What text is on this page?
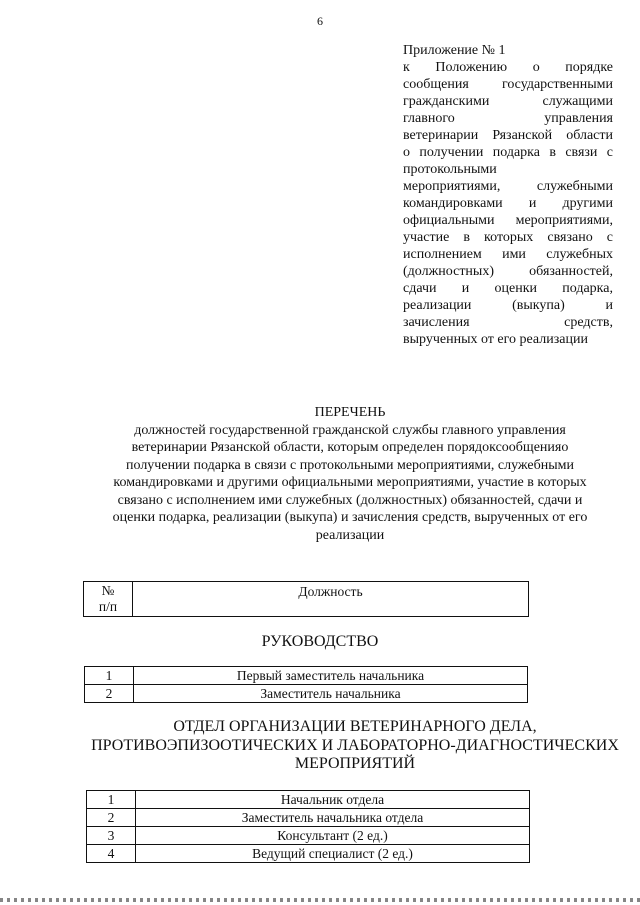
6
Приложение № 1
к Положению о порядке
сообщения государственными
гражданскими служащими
главного управления
ветеринарии Рязанской области
о получении подарка в связи с
протокольными
мероприятиями, служебными
командировками и другими
официальными мероприятиями,
участие в которых связано с
исполнением ими служебных
(должностных) обязанностей,
сдачи и оценки подарка,
реализации (выкупа) и
зачисления средств,
вырученных от его реализации
ПЕРЕЧЕНЬ
должностей государственной гражданской службы главного управления
ветеринарии Рязанской области, которым определен порядоксообщенияо
получении подарка в связи с протокольными мероприятиями, служебными
командировками и другими официальными мероприятиями, участие в которых
связано с исполнением ими служебных (должностных) обязанностей, сдачи и
оценки подарка, реализации (выкупа) и зачисления средств, вырученных от его
реализации
№
п/п	Должность
РУКОВОДСТВО
1	Первый заместитель начальника
2	Заместитель начальника
ОТДЕЛ ОРГАНИЗАЦИИ ВЕТЕРИНАРНОГО ДЕЛА,
ПРОТИВОЭПИЗООТИЧЕСКИХ И ЛАБОРАТОРНО-ДИАГНОСТИЧЕСКИХ
МЕРОПРИЯТИЙ
1	Начальник отдела
2	Заместитель начальника отдела
3	Консультант (2 ед.)
4	Ведущий специалист (2 ед.)
